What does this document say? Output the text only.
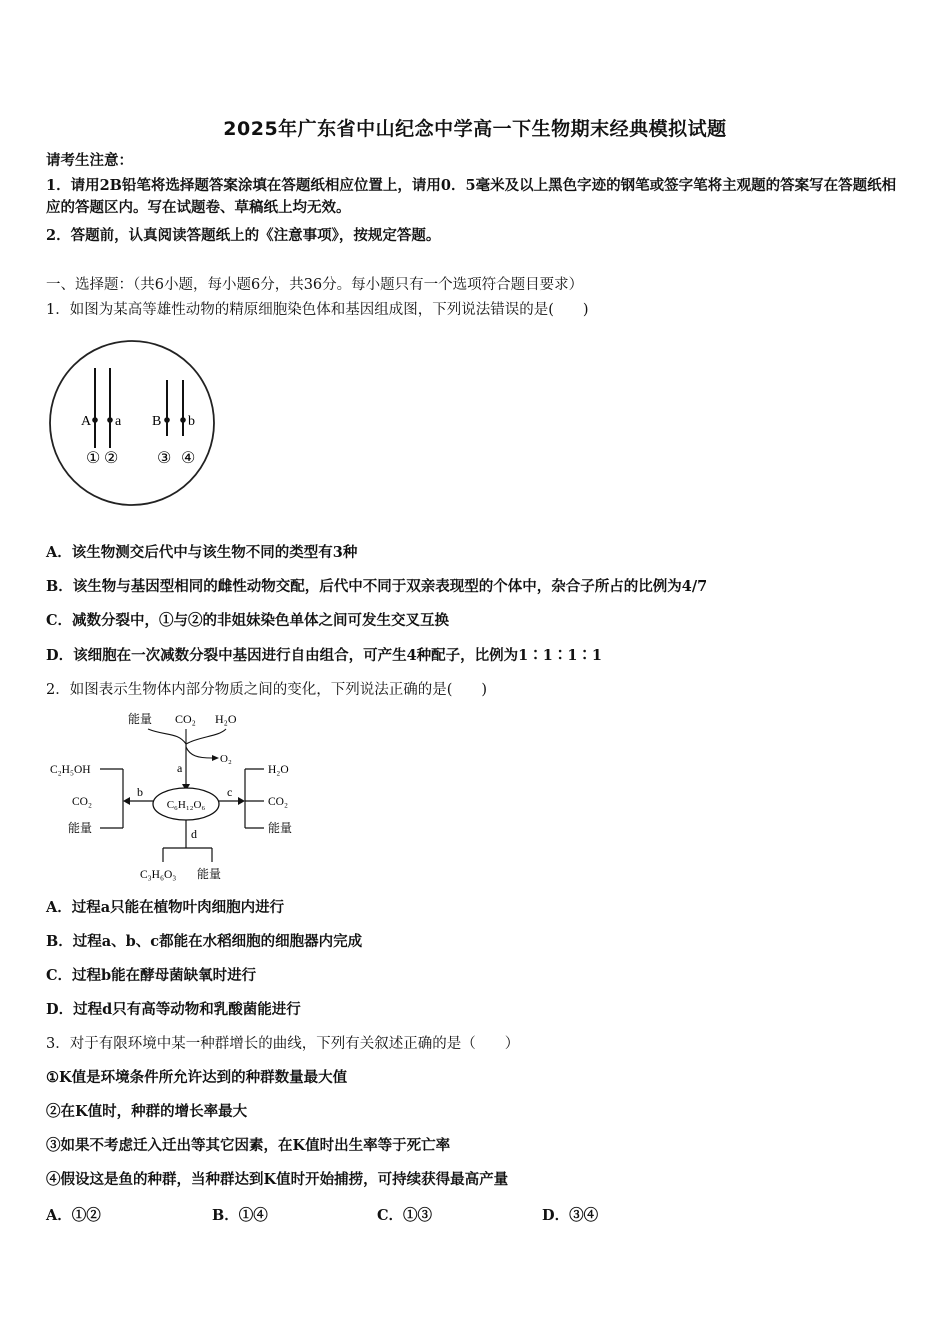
2025年广东省中山纪念中学高一下生物期末经典模拟试题
请考生注意：
1．请用2B铅笔将选择题答案涂填在答题纸相应位置上，请用0．5毫米及以上黑色字迹的钢笔或签字笔将主观题的答案写在答题纸相应的答题区内。写在试题卷、草稿纸上均无效。
2．答题前，认真阅读答题纸上的《注意事项》，按规定答题。
一、选择题：（共6小题，每小题6分，共36分。每小题只有一个选项符合题目要求）
1．如图为某高等雄性动物的精原细胞染色体和基因组成图，下列说法错误的是(　　)
A a B b
① ② ③ ④
A．该生物测交后代中与该生物不同的类型有3种
B．该生物与基因型相同的雌性动物交配，后代中不同于双亲表现型的个体中，杂合子所占的比例为4/7
C．减数分裂中，①与②的非姐妹染色单体之间可发生交叉互换
D．该细胞在一次减数分裂中基因进行自由组合，可产生4种配子，比例为1∶1∶1∶1
2．如图表示生物体内部分物质之间的变化，下列说法正确的是(　　)
能量 CO₂ H₂O
O₂
a
C₆H₁₂O₆
b
C₂H₅OH
CO₂
能量
c
H₂O
CO₂
能量
d
C₃H₆O₃ 能量
A．过程a只能在植物叶肉细胞内进行
B．过程a、b、c都能在水稻细胞的细胞器内完成
C．过程b能在酵母菌缺氧时进行
D．过程d只有高等动物和乳酸菌能进行
3．对于有限环境中某一种群增长的曲线，下列有关叙述正确的是（　　）
①K值是环境条件所允许达到的种群数量最大值
②在K值时，种群的增长率最大
③如果不考虑迁入迁出等其它因素，在K值时出生率等于死亡率
④假设这是鱼的种群，当种群达到K值时开始捕捞，可持续获得最高产量
A．①②	B．①④	C．①③	D．③④
